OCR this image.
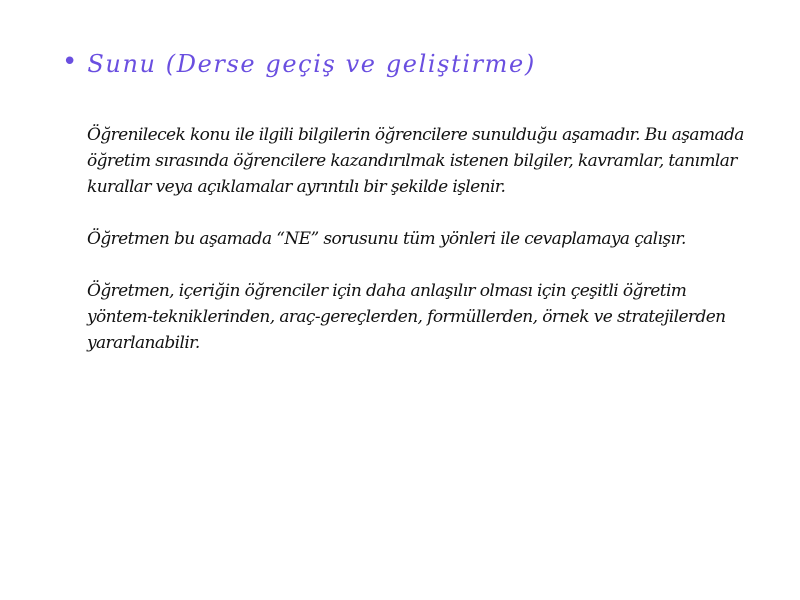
• Sunu (Derse geçiş ve geliştirme)

Öğrenilecek konu ile ilgili bilgilerin öğrencilere sunulduğu aşamadır. Bu aşamada öğretim sırasında öğrencilere kazandırılmak istenen bilgiler, kavramlar, tanımlar kurallar veya açıklamalar ayrıntılı bir şekilde işlenir.

Öğretmen bu aşamada “NE” sorusunu tüm yönleri ile cevaplamaya çalışır.

Öğretmen, içeriğin öğrenciler için daha anlaşılır olması için çeşitli öğretim yöntem-tekniklerinden, araç-gereçlerden, formüllerden, örnek ve stratejilerden yararlanabilir.
